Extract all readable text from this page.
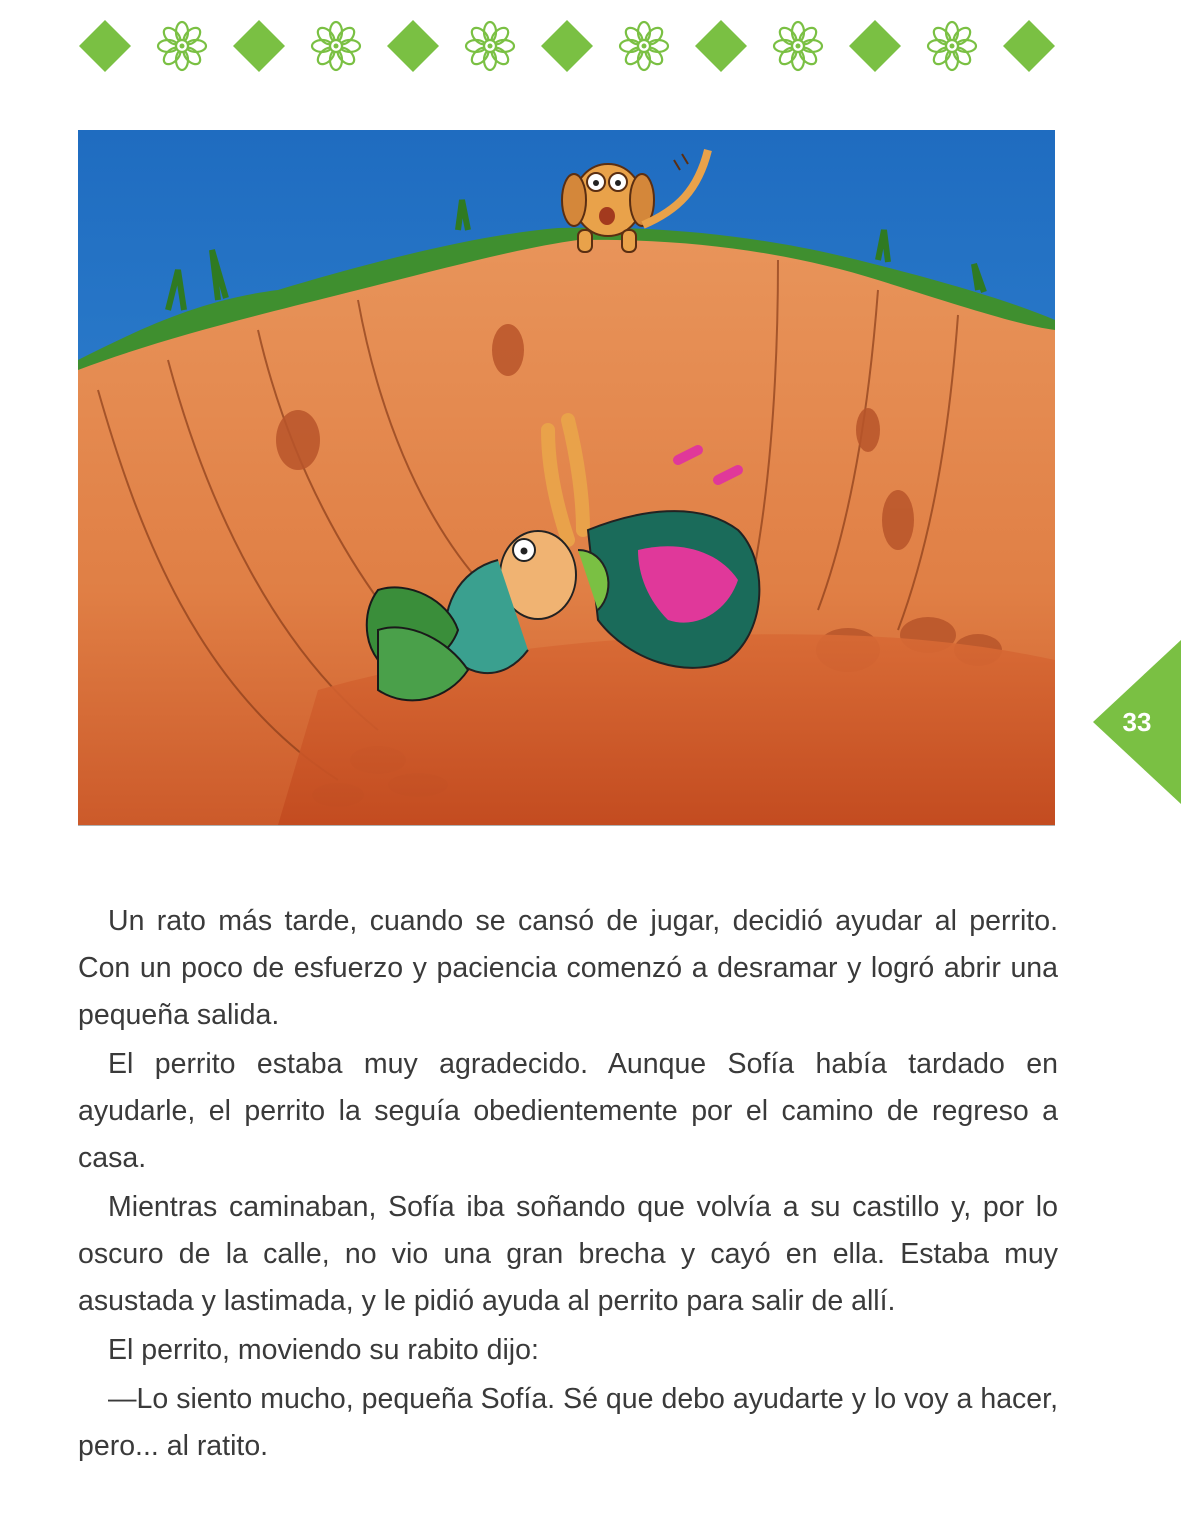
33

Un rato más tarde, cuando se cansó de jugar, decidió ayudar al perrito. Con un poco de esfuerzo y paciencia comenzó a desramar y logró abrir una pequeña salida.

El perrito estaba muy agradecido. Aunque Sofía había tardado en ayudarle, el perrito la seguía obedientemente por el camino de regreso a casa.

Mientras caminaban, Sofía iba soñando que volvía a su castillo y, por lo oscuro de la calle, no vio una gran brecha y cayó en ella. Estaba muy asustada y lastimada, y le pidió ayuda al perrito para salir de allí.

El perrito, moviendo su rabito dijo:

—Lo siento mucho, pequeña Sofía. Sé que debo ayudarte y lo voy a hacer, pero... al ratito.
